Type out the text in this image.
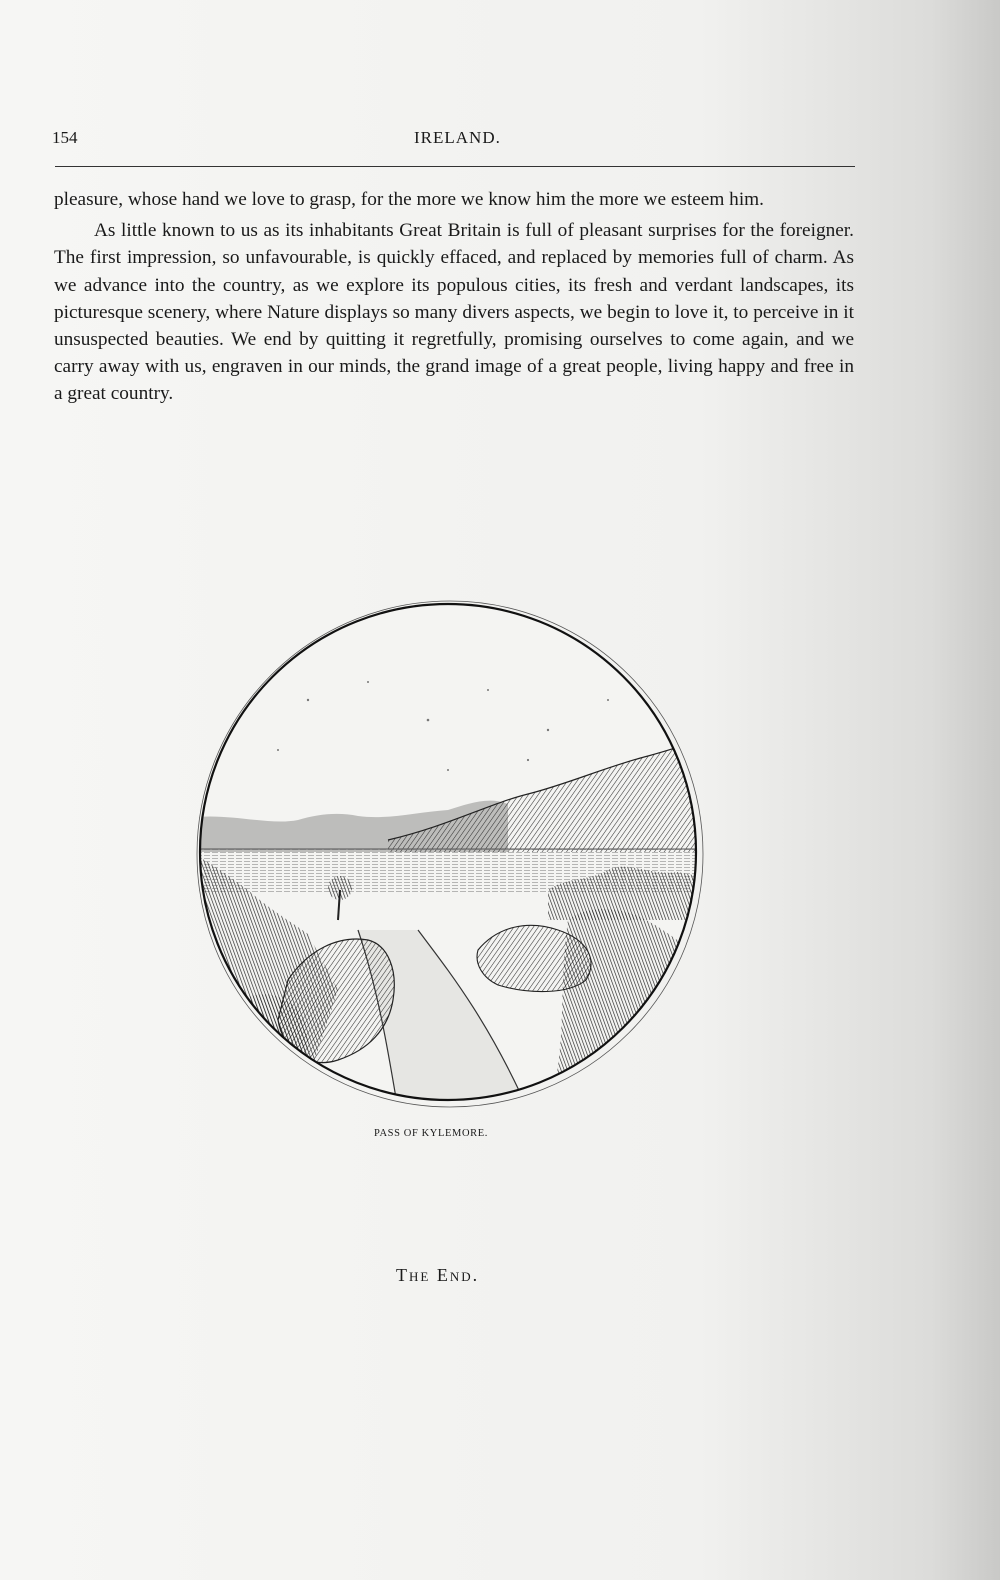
154	IRELAND.

pleasure, whose hand we love to grasp, for the more we know him the more we esteem him.

As little known to us as its inhabitants Great Britain is full of pleasant surprises for the foreigner. The first impression, so unfavourable, is quickly effaced, and replaced by memories full of charm. As we advance into the country, as we explore its populous cities, its fresh and verdant landscapes, its picturesque scenery, where Nature displays so many divers aspects, we begin to love it, to perceive in it unsuspected beauties. We end by quitting it regretfully, promising ourselves to come again, and we carry away with us, engraven in our minds, the grand image of a great people, living happy and free in a great country.

PASS OF KYLEMORE.
The End.
